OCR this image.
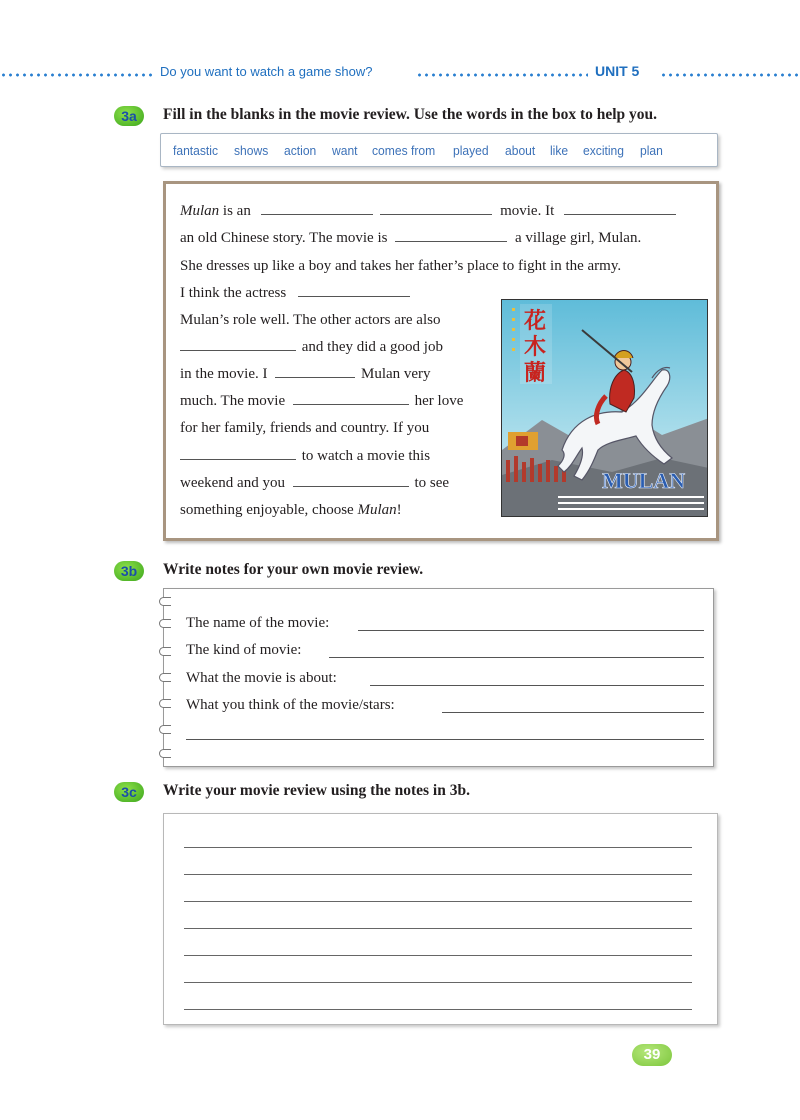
Do you want to watch a game show?	UNIT 5
3a	Fill in the blanks in the movie review. Use the words in the box to help you.
fantastic shows action want comes from played about like exciting plan
Mulan is an	movie. It
an old Chinese story. The movie is	a village girl, Mulan.
She dresses up like a boy and takes her father’s place to fight in the army.
I think the actress
Mulan’s role well. The other actors are also
and they did a good job
in the movie. I	Mulan very
much. The movie	her love
for her family, friends and country. If you
to watch a movie this
weekend and you	to see
something enjoyable, choose Mulan!
花
木
蘭
MULAN
3b	Write notes for your own movie review.
The name of the movie:
The kind of movie:
What the movie is about:
What you think of the movie/stars:
3c	Write your movie review using the notes in 3b.
39
